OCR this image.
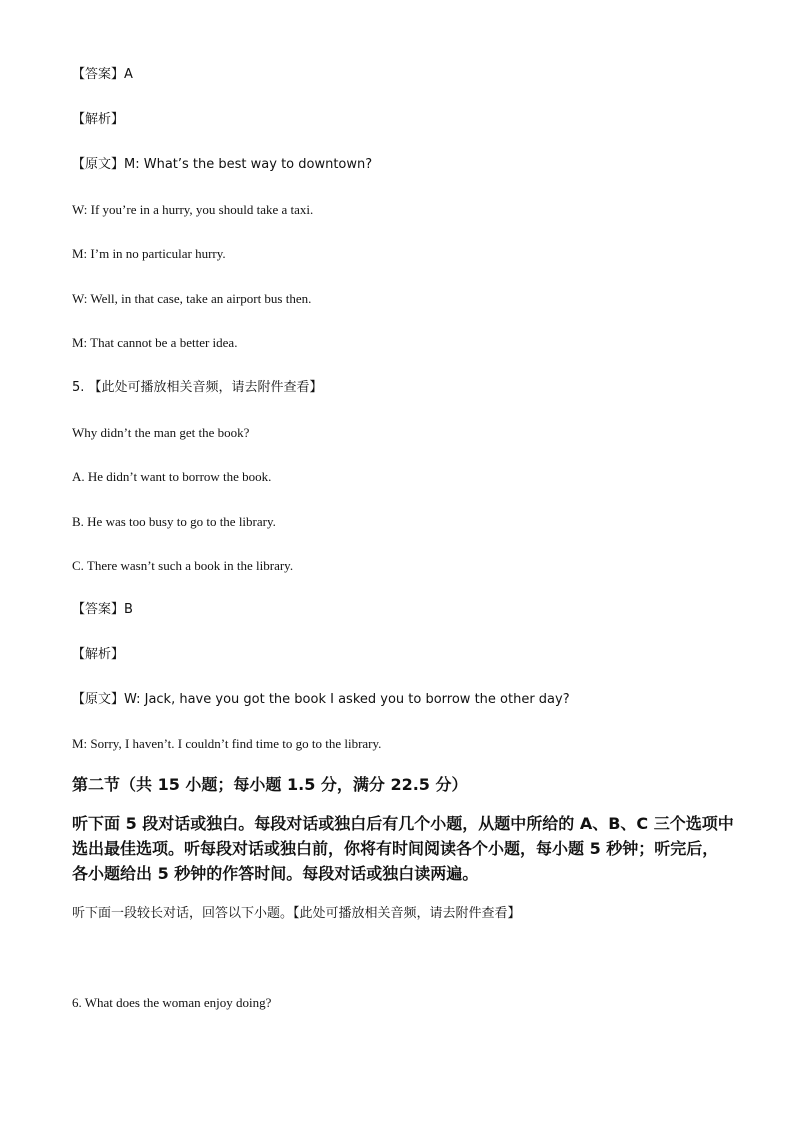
【答案】A
【解析】
【原文】M: What’s the best way to downtown?
W: If you’re in a hurry, you should take a taxi.
M: I’m in no particular hurry.
W: Well, in that case, take an airport bus then.
M: That cannot be a better idea.
5. 【此处可播放相关音频，请去附件查看】
Why didn’t the man get the book?
A. He didn’t want to borrow the book.
B. He was too busy to go to the library.
C. There wasn’t such a book in the library.
【答案】B
【解析】
【原文】W: Jack, have you got the book I asked you to borrow the other day?
M: Sorry, I haven’t. I couldn’t find time to go to the library.
第二节（共 15 小题；每小题 1.5 分，满分 22.5 分）
听下面 5 段对话或独白。每段对话或独白后有几个小题，从题中所给的 A、B、C 三个选项中
选出最佳选项。听每段对话或独白前，你将有时间阅读各个小题，每小题 5 秒钟；听完后，
各小题给出 5 秒钟的作答时间。每段对话或独白读两遍。
听下面一段较长对话，回答以下小题。【此处可播放相关音频，请去附件查看】
6. What does the woman enjoy doing?
